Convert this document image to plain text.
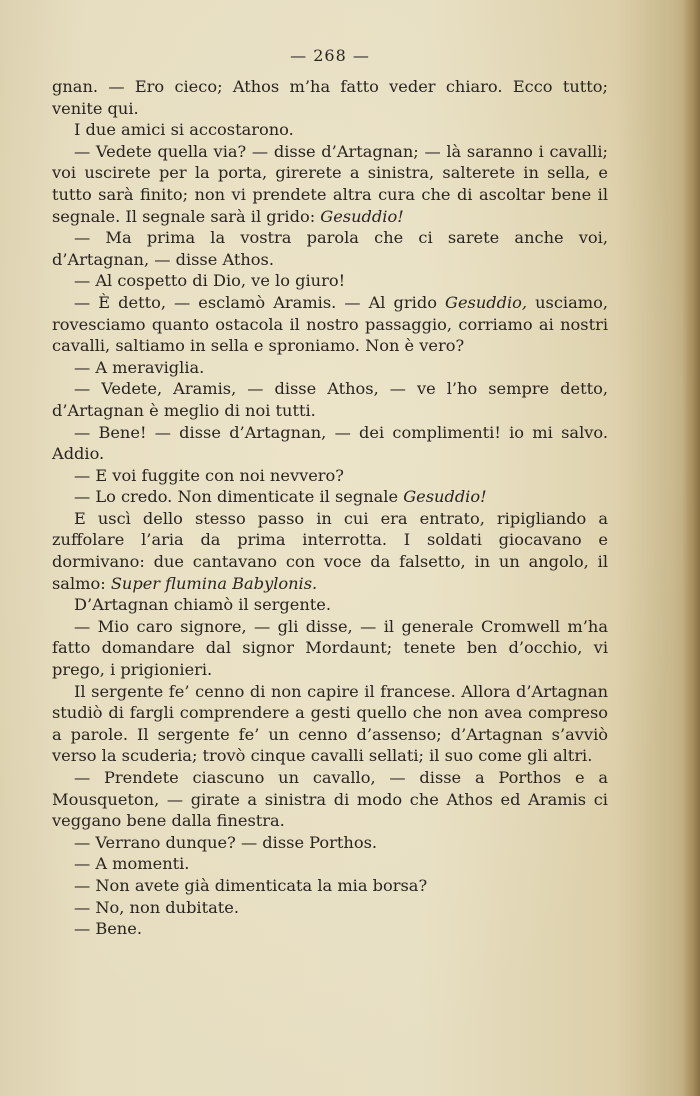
— 268 —

gnan. — Ero cieco; Athos m’ha fatto veder chiaro. Ecco tutto; venite qui.

I due amici si accostarono.

— Vedete quella via? — disse d’Artagnan; — là saranno i cavalli; voi uscirete per la porta, girerete a sinistra, salterete in sella, e tutto sarà finito; non vi prendete altra cura che di ascoltar bene il segnale. Il segnale sarà il grido: Gesuddio!

— Ma prima la vostra parola che ci sarete anche voi, d’Artagnan, — disse Athos.

— Al cospetto di Dio, ve lo giuro!

— È detto, — esclamò Aramis. — Al grido Gesuddio, usciamo, rovesciamo quanto ostacola il nostro passaggio, corriamo ai nostri cavalli, saltiamo in sella e sproniamo. Non è vero?

— A meraviglia.

— Vedete, Aramis, — disse Athos, — ve l’ho sempre detto, d’Artagnan è meglio di noi tutti.

— Bene! — disse d’Artagnan, — dei complimenti! io mi salvo. Addio.

— E voi fuggite con noi nevvero?

— Lo credo. Non dimenticate il segnale Gesuddio!

E uscì dello stesso passo in cui era entrato, ripigliando a zuffolare l’aria da prima interrotta. I soldati giocavano e dormivano: due cantavano con voce da falsetto, in un angolo, il salmo: Super flumina Babylonis.

D’Artagnan chiamò il sergente.

— Mio caro signore, — gli disse, — il generale Cromwell m’ha fatto domandare dal signor Mordaunt; tenete ben d’occhio, vi prego, i prigionieri.

Il sergente fe’ cenno di non capire il francese. Allora d’Artagnan studiò di fargli comprendere a gesti quello che non avea compreso a parole. Il sergente fe’ un cenno d’assenso; d’Artagnan s’avviò verso la scuderia; trovò cinque cavalli sellati; il suo come gli altri.

— Prendete ciascuno un cavallo, — disse a Porthos e a Mousqueton, — girate a sinistra di modo che Athos ed Aramis ci veggano bene dalla finestra.

— Verrano dunque? — disse Porthos.

— A momenti.

— Non avete già dimenticata la mia borsa?

— No, non dubitate.

— Bene.
